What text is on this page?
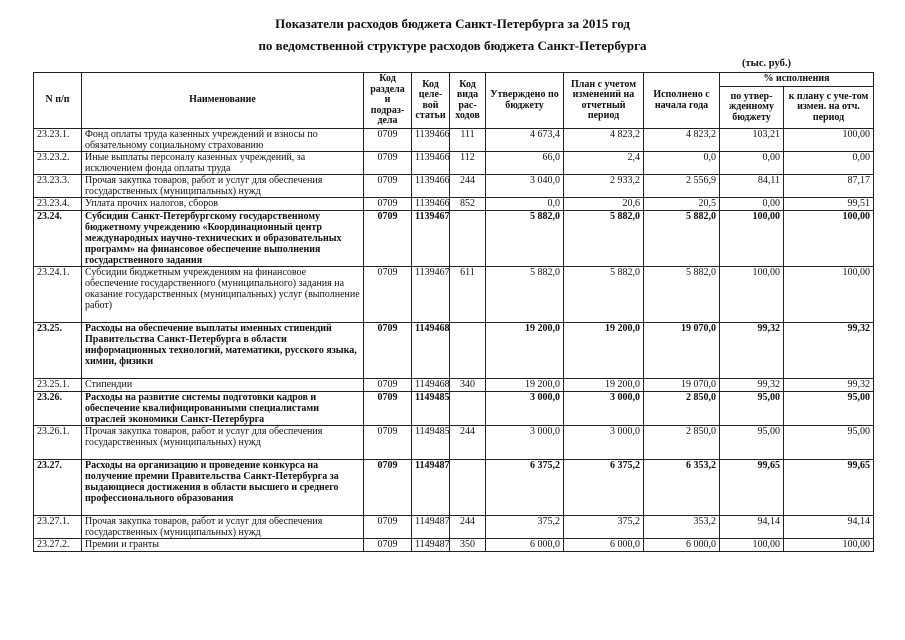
Показатели расходов бюджета Санкт-Петербурга за 2015 год
по ведомственной структуре расходов бюджета Санкт-Петербурга
(тыс. руб.)
N п/п	Наименование	Код раздела и подраз-дела	Код целе-вой статьи	Код вида рас-ходов	Утверждено по бюджету	План с учетом изменений на отчетный период	Исполнено с начала года	% исполнения	
								по утвер-жденному бюджету	к плану с уче-том измен. на отч. период
23.23.1.	Фонд оплаты труда казенных учреждений и взносы по обязательному социальному страхованию	0709	1139466	111	4 673,4	4 823,2	4 823,2	103,21	100,00
23.23.2.	Иные выплаты персоналу казенных учреждений, за исключением фонда оплаты труда	0709	1139466	112	66,0	2,4	0,0	0,00	0,00
23.23.3.	Прочая закупка товаров, работ и услуг для обеспечения государственных (муниципальных) нужд	0709	1139466	244	3 040,0	2 933,2	2 556,9	84,11	87,17
23.23.4.	Уплата прочих налогов, сборов	0709	1139466	852	0,0	20,6	20,5	0,00	99,51
23.24.	Субсидии Санкт-Петербургскому государственному бюджетному учреждению «Координационный центр международных научно-технических и образовательных программ» на финансовое обеспечение выполнения государственного задания	0709	1139467		5 882,0	5 882,0	5 882,0	100,00	100,00
23.24.1.	Субсидии бюджетным учреждениям на финансовое обеспечение государственного (муниципального) задания на оказание государственных (муниципальных) услуг (выполнение работ)	0709	1139467	611	5 882,0	5 882,0	5 882,0	100,00	100,00
23.25.	Расходы на обеспечение выплаты именных стипендий Правительства Санкт-Петербурга в области информационных технологий, математики, русского языка, химии, физики	0709	1149468		19 200,0	19 200,0	19 070,0	99,32	99,32
23.25.1.	Стипендии	0709	1149468	340	19 200,0	19 200,0	19 070,0	99,32	99,32
23.26.	Расходы на развитие системы подготовки кадров и обеспечение квалифицированными специалистами отраслей экономики Санкт-Петербурга	0709	1149485		3 000,0	3 000,0	2 850,0	95,00	95,00
23.26.1.	Прочая закупка товаров, работ и услуг для обеспечения государственных (муниципальных) нужд	0709	1149485	244	3 000,0	3 000,0	2 850,0	95,00	95,00
23.27.	Расходы на организацию и проведение конкурса на получение премии Правительства Санкт-Петербурга за выдающиеся достижения в области высшего и среднего профессионального образования	0709	1149487		6 375,2	6 375,2	6 353,2	99,65	99,65
23.27.1.	Прочая закупка товаров, работ и услуг для обеспечения государственных (муниципальных) нужд	0709	1149487	244	375,2	375,2	353,2	94,14	94,14
23.27.2.	Премии и гранты	0709	1149487	350	6 000,0	6 000,0	6 000,0	100,00	100,00
